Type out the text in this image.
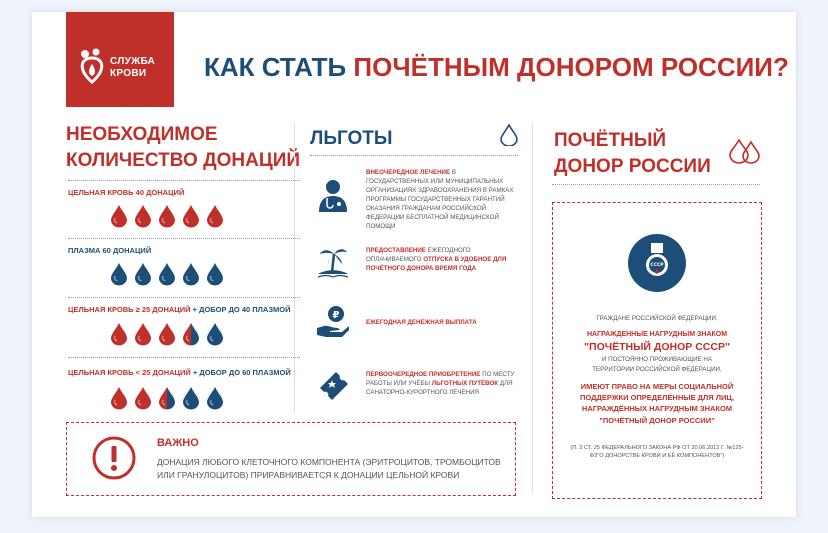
СЛУЖБА
КРОВИ КАК СТАТЬ ПОЧЁТНЫМ ДОНОРОМ РОССИИ?
НЕОБХОДИМОЕ
КОЛИЧЕСТВО ДОНАЦИЙ
ЦЕЛЬНАЯ КРОВЬ 40 ДОНАЦИЙ
ПЛАЗМА 60 ДОНАЦИЙ
ЦЕЛЬНАЯ КРОВЬ ≥ 25 ДОНАЦИЙ + ДОБОР ДО 40 ПЛАЗМОЙ
ЦЕЛЬНАЯ КРОВЬ < 25 ДОНАЦИЙ + ДОБОР ДО 60 ПЛАЗМОЙ
ЛЬГОТЫ
ВНЕОЧЕРЕДНОЕ ЛЕЧЕНИЕ В ГОСУДАРСТВЕННЫХ ИЛИ МУНИЦИПАЛЬНЫХ ОРГАНИЗАЦИЯХ ЗДРАВООХРАНЕНИЯ В РАМКАХ ПРОГРАММЫ ГОСУДАРСТВЕННЫХ ГАРАНТИЙ ОКАЗАНИЯ ГРАЖДАНАМ РОССИЙСКОЙ ФЕДЕРАЦИИ БЕСПЛАТНОЙ МЕДИЦИНСКОЙ ПОМОЩИ
ПРЕДОСТАВЛЕНИЕ ЕЖЕГОДНОГО ОПЛАЧИВАЕМОГО ОТПУСКА В УДОБНОЕ ДЛЯ ПОЧЁТНОГО ДОНОРА ВРЕМЯ ГОДА
₽
ЕЖЕГОДНАЯ ДЕНЕЖНАЯ ВЫПЛАТА
ПЕРВООЧЕРЕДНОЕ ПРИОБРЕТЕНИЕ ПО МЕСТУ РАБОТЫ ИЛИ УЧЁБЫ ЛЬГОТНЫХ ПУТЁВОК ДЛЯ САНАТОРНО-КУРОРТНОГО ЛЕЧЕНИЯ
ПОЧЁТНЫЙ
ДОНОР РОССИИ
СССР
ГРАЖДАНЕ РОССИЙСКОЙ ФЕДЕРАЦИИ,
НАГРАЖДЕННЫЕ НАГРУДНЫМ ЗНАКОМ
"ПОЧЁТНЫЙ ДОНОР СССР"
И ПОСТОЯННО ПРОЖИВАЮЩИЕ НА ТЕРРИТОРИИ РОССИЙСКОЙ ФЕДЕРАЦИИ,
ИМЕЮТ ПРАВО НА МЕРЫ СОЦИАЛЬНОЙ ПОДДЕРЖКИ ОПРЕДЕЛЁННЫЕ ДЛЯ ЛИЦ, НАГРАЖДЁННЫХ НАГРУДНЫМ ЗНАКОМ
"ПОЧЁТНЫЙ ДОНОР РОССИИ"
(П. 2 СТ. 25 ФЕДЕРАЛЬНОГО ЗАКОНА РФ ОТ 20.06.2012 Г. №125-ФЗ"О ДОНОРСТВЕ КРОВИ И ЕЁ КОМПОНЕНТОВ")
ВАЖНО
ДОНАЦИЯ ЛЮБОГО КЛЕТОЧНОГО КОМПОНЕНТА (ЭРИТРОЦИТОВ, ТРОМБОЦИТОВ
ИЛИ ГРАНУЛОЦИТОВ) ПРИРАВНИВАЕТСЯ К ДОНАЦИИ ЦЕЛЬНОЙ КРОВИ
